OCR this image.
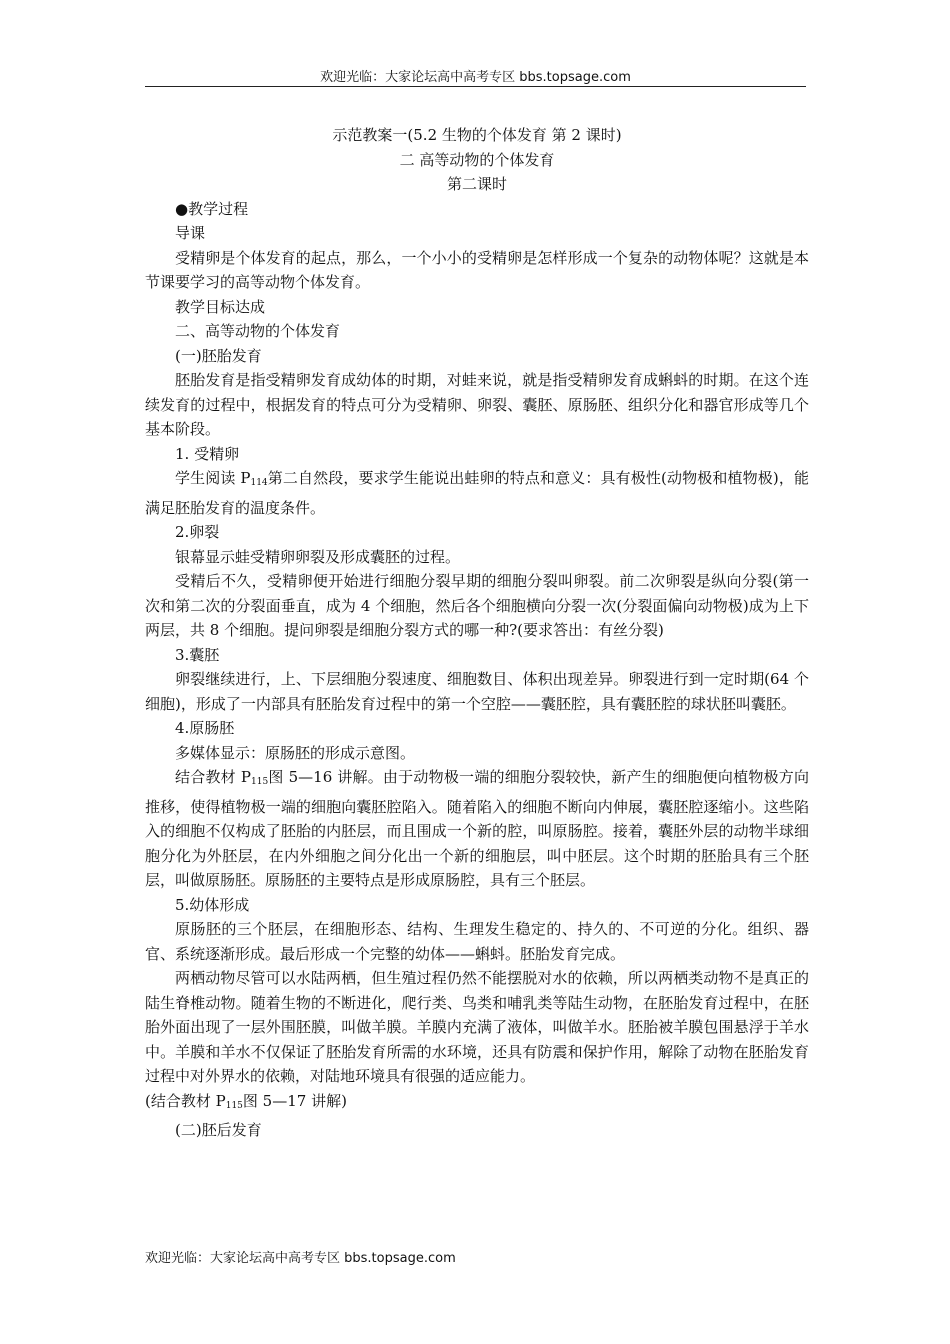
欢迎光临：大家论坛高中高考专区 bbs.topsage.com
示范教案一(5.2 生物的个体发育 第 2 课时)
二 高等动物的个体发育
第二课时
●教学过程
导课

受精卵是个体发育的起点，那么，一个小小的受精卵是怎样形成一个复杂的动物体呢？这就是本节课要学习的高等动物个体发育。

教学目标达成
二、高等动物的个体发育
(一)胚胎发育

胚胎发育是指受精卵发育成幼体的时期，对蛙来说，就是指受精卵发育成蝌蚪的时期。在这个连续发育的过程中，根据发育的特点可分为受精卵、卵裂、囊胚、原肠胚、组织分化和器官形成等几个基本阶段。

1. 受精卵

学生阅读 $P_{114}$第二自然段，要求学生能说出蛙卵的特点和意义：具有极性(动物极和植物极)，能满足胚胎发育的温度条件。

2.卵裂

银幕显示蛙受精卵卵裂及形成囊胚的过程。

受精后不久，受精卵便开始进行细胞分裂早期的细胞分裂叫卵裂。前二次卵裂是纵向分裂(第一次和第二次的分裂面垂直，成为 4 个细胞，然后各个细胞横向分裂一次(分裂面偏向动物极)成为上下两层，共 8 个细胞。提问卵裂是细胞分裂方式的哪一种?(要求答出：有丝分裂)

3.囊胚

卵裂继续进行，上、下层细胞分裂速度、细胞数目、体积出现差异。卵裂进行到一定时期(64 个细胞)，形成了一内部具有胚胎发育过程中的第一个空腔——囊胚腔，具有囊胚腔的球状胚叫囊胚。

4.原肠胚

多媒体显示：原肠胚的形成示意图。

结合教材 $P_{115}$图 5—16 讲解。由于动物极一端的细胞分裂较快，新产生的细胞便向植物极方向推移，使得植物极一端的细胞向囊胚腔陷入。随着陷入的细胞不断向内伸展，囊胚腔逐缩小。这些陷入的细胞不仅构成了胚胎的内胚层，而且围成一个新的腔，叫原肠腔。接着，囊胚外层的动物半球细胞分化为外胚层，在内外细胞之间分化出一个新的细胞层，叫中胚层。这个时期的胚胎具有三个胚层，叫做原肠胚。原肠胚的主要特点是形成原肠腔，具有三个胚层。

5.幼体形成

原肠胚的三个胚层，在细胞形态、结构、生理发生稳定的、持久的、不可逆的分化。组织、器官、系统逐渐形成。最后形成一个完整的幼体——蝌蚪。胚胎发育完成。

两栖动物尽管可以水陆两栖，但生殖过程仍然不能摆脱对水的依赖，所以两栖类动物不是真正的陆生脊椎动物。随着生物的不断进化，爬行类、鸟类和哺乳类等陆生动物，在胚胎发育过程中，在胚胎外面出现了一层外围胚膜，叫做羊膜。羊膜内充满了液体，叫做羊水。胚胎被羊膜包围悬浮于羊水中。羊膜和羊水不仅保证了胚胎发育所需的水环境，还具有防震和保护作用，解除了动物在胚胎发育过程中对外界水的依赖，对陆地环境具有很强的适应能力。

(结合教材 $P_{115}$图 5—17 讲解)
(二)胚后发育
欢迎光临：大家论坛高中高考专区 bbs.topsage.com
